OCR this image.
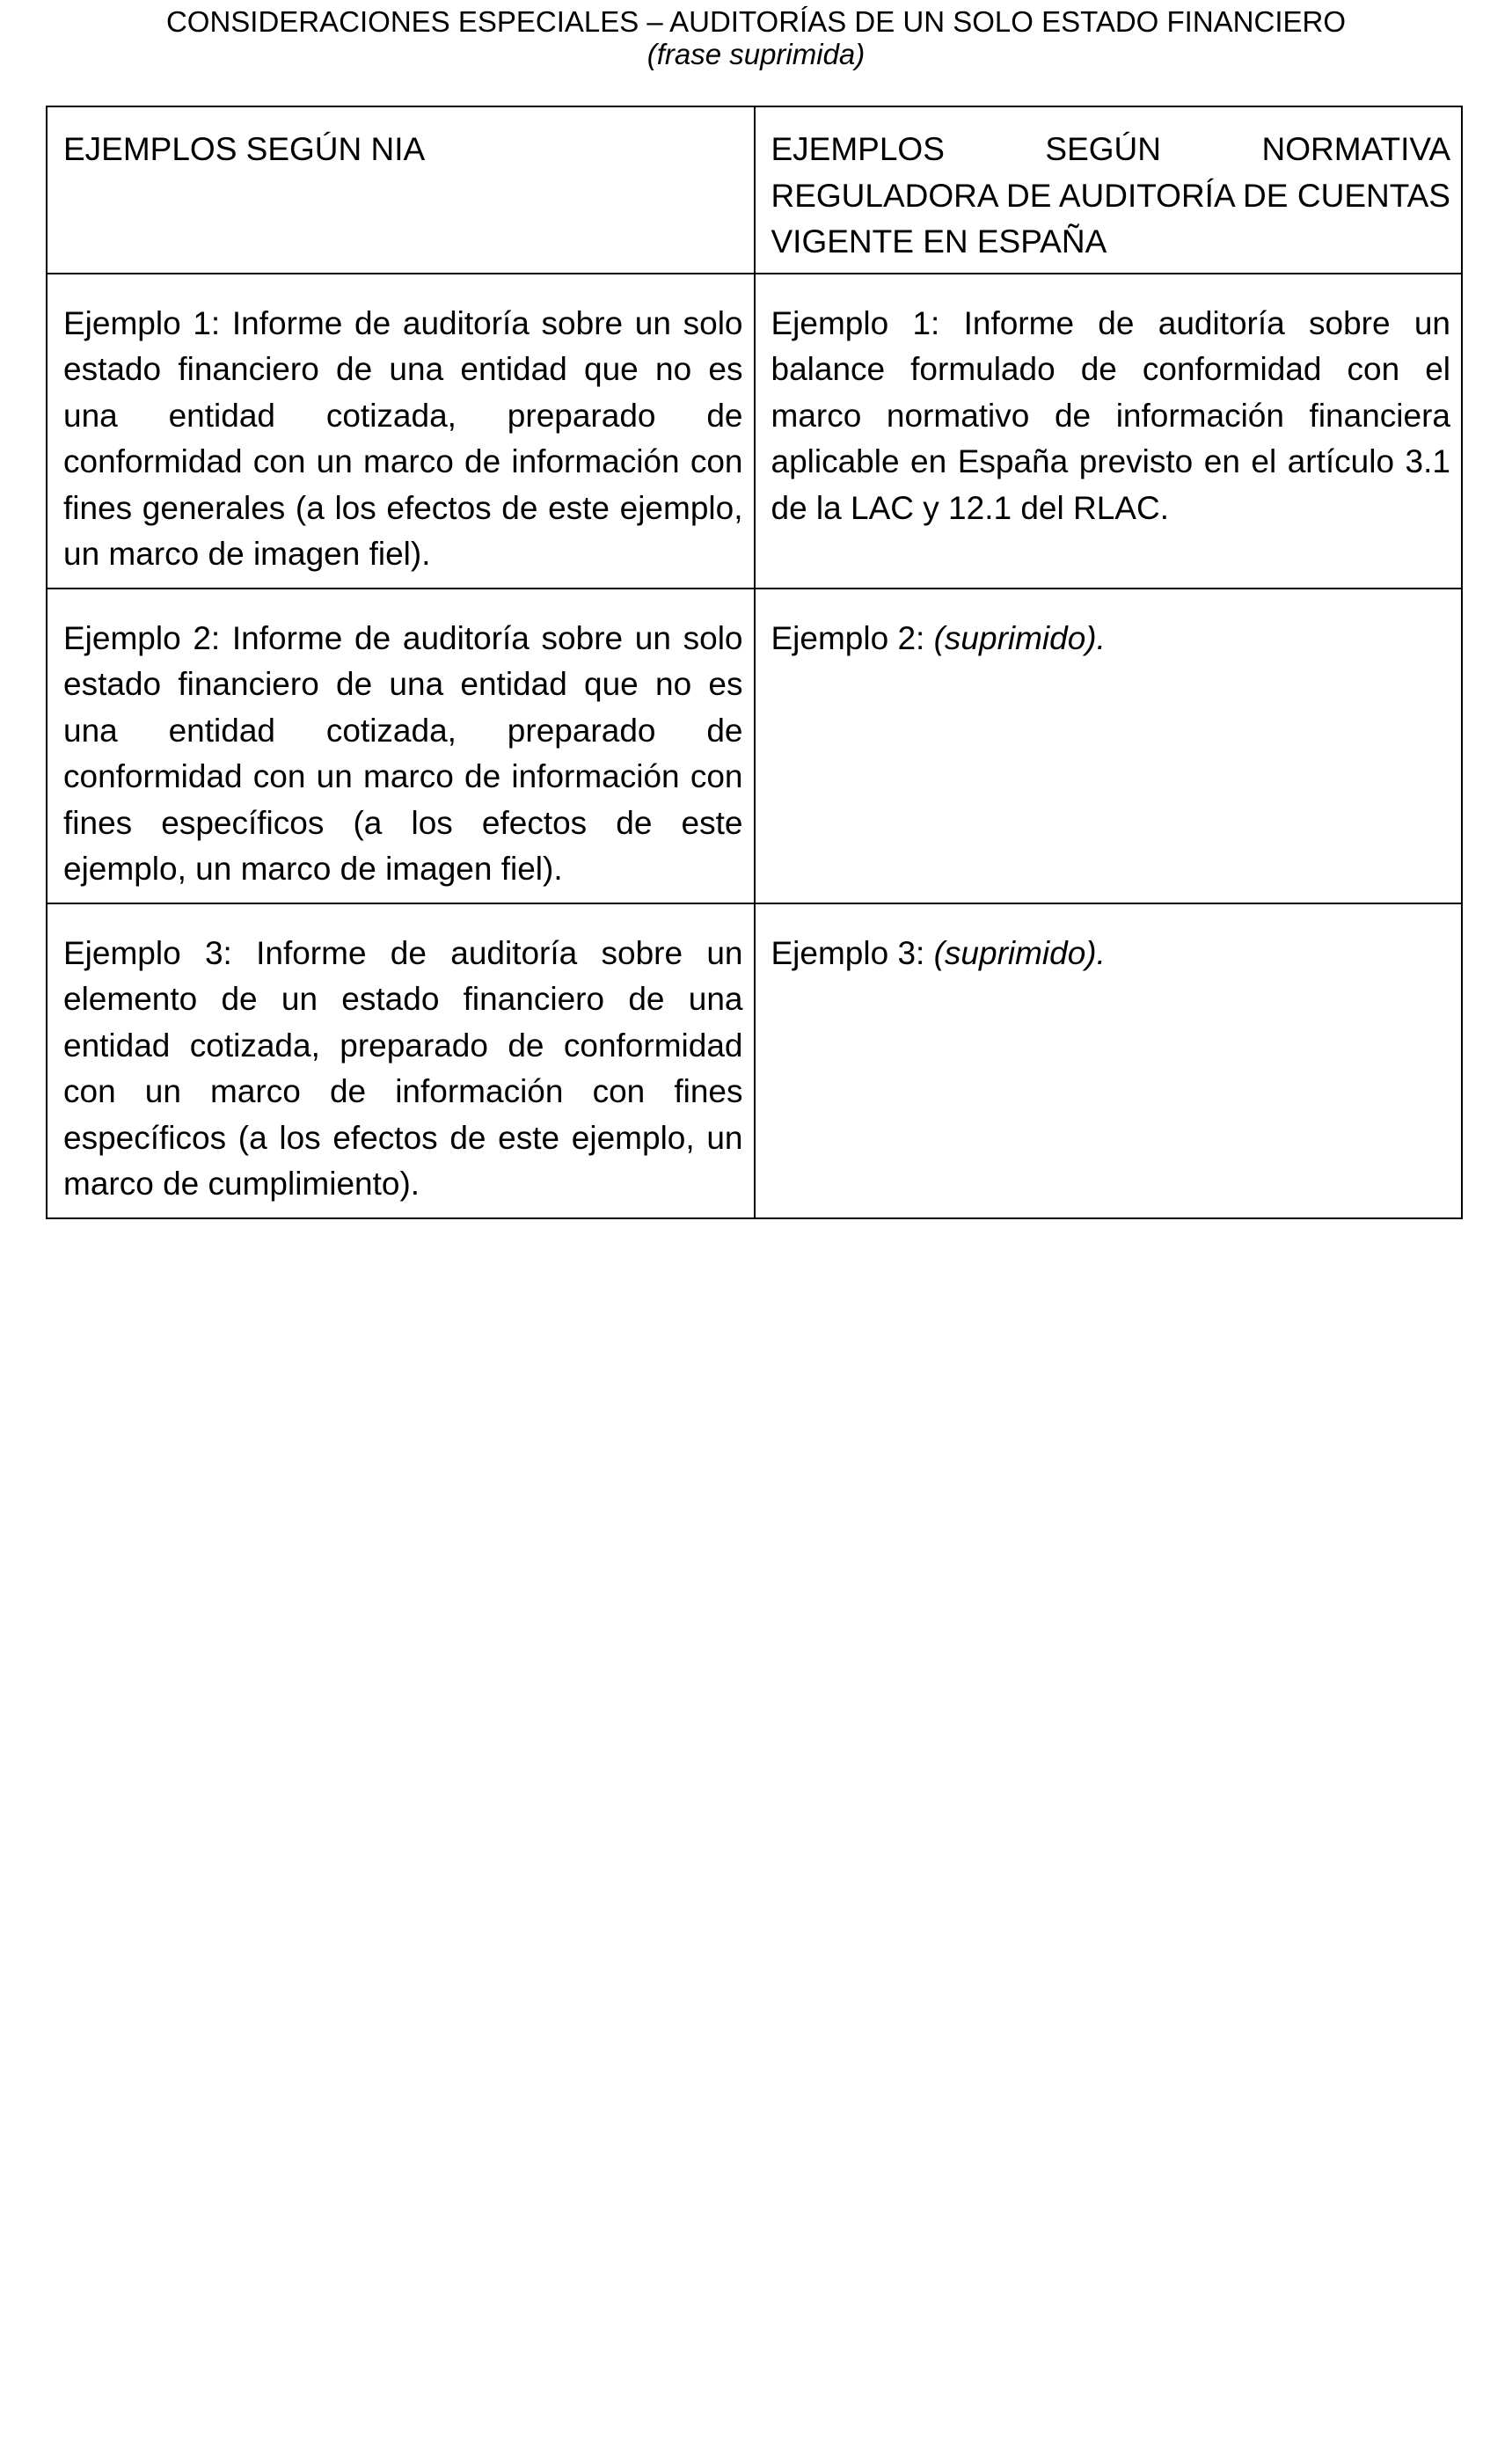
CONSIDERACIONES ESPECIALES – AUDITORÍAS DE UN SOLO ESTADO FINANCIERO
(frase suprimida)
EJEMPLOS SEGÚN NIA	EJEMPLOS SEGÚN NORMATIVA REGULADORA DE AUDITORÍA DE CUENTAS VIGENTE EN ESPAÑA
Ejemplo 1: Informe de auditoría sobre un solo estado financiero de una entidad que no es una entidad cotizada, preparado de conformidad con un marco de información con fines generales (a los efectos de este ejemplo, un marco de imagen fiel).	Ejemplo 1: Informe de auditoría sobre un balance formulado de conformidad con el marco normativo de información financiera aplicable en España previsto en el artículo 3.1 de la LAC y 12.1 del RLAC.
Ejemplo 2: Informe de auditoría sobre un solo estado financiero de una entidad que no es una entidad cotizada, preparado de conformidad con un marco de información con fines específicos (a los efectos de este ejemplo, un marco de imagen fiel).	Ejemplo 2: (suprimido).
Ejemplo 3: Informe de auditoría sobre un elemento de un estado financiero de una entidad cotizada, preparado de conformidad con un marco de información con fines específicos (a los efectos de este ejemplo, un marco de cumplimiento).	Ejemplo 3: (suprimido).
